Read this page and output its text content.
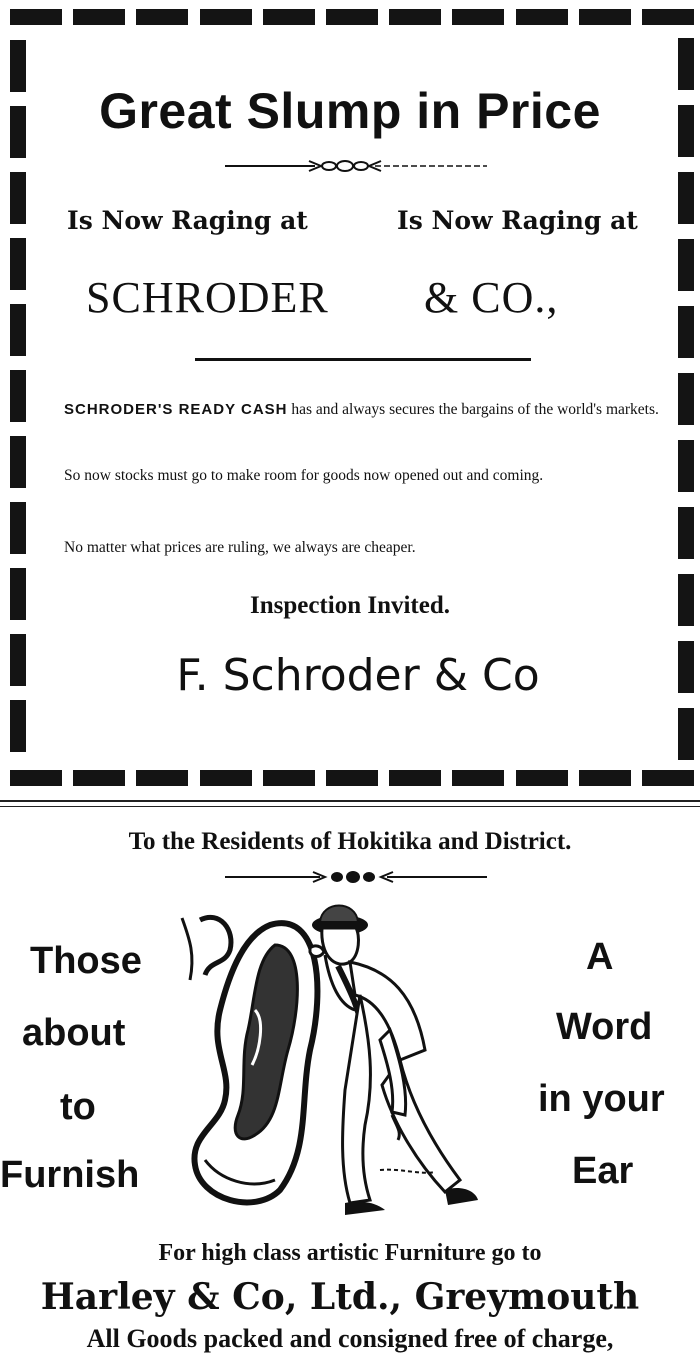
Great Slump in Price
Is Now Raging at	Is Now Raging at
SCHRODER & CO.,

SCHRODER'S READY CASH has and always secures the bargains of the world's markets.

So now stocks must go to make room for goods now opened out and coming.

No matter what prices are ruling, we always are cheaper.

Inspection Invited.
F. Schroder & Co
To the Residents of Hokitika and District.
Those
about
to
Furnish
A
Word
in your
Ear
For high class artistic Furniture go to
Harley & Co, Ltd., Greymouth
All Goods packed and consigned free of charge,
